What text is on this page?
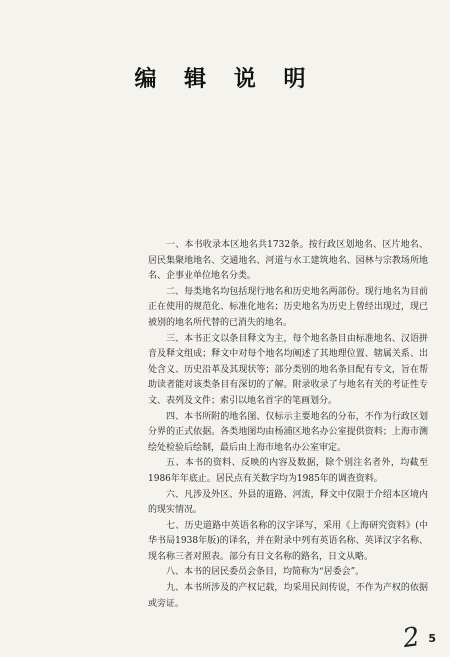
编 辑 说 明

一、本书收录本区地名共1732条。按行政区划地名、区片地名、居民集聚地地名、交通地名、河道与水工建筑地名、园林与宗教场所地名、企事业单位地名分类。

二、每类地名均包括现行地名和历史地名两部份。现行地名为目前正在使用的规范化、标准化地名；历史地名为历史上曾经出现过，现已被别的地名所代替的已消失的地名。

三、本书正文以条目释文为主，每个地名条目由标准地名、汉语拼音及释文组成；释文中对每个地名均阐述了其地理位置、辖属关系、出处含义、历史沿革及其现状等；部分类别的地名条目配有专文，旨在帮助读者能对该类条目有深切的了解。附录收录了与地名有关的考证性专文、表列及文件；索引以地名首字的笔画划分。

四、本书所附的地名图、仅标示主要地名的分布，不作为行政区划分界的正式依据。各类地图均由杨浦区地名办公室提供资料；上海市测绘处检验后绘制，最后由上海市地名办公室审定。

五、本书的资料、反映的内容及数据，除个别注名者外，均截至1986年年底止。居民点有关数字均为1985年的调查资料。

六、凡涉及外区、外县的道路、河流，释文中仅限于介绍本区境内的现实情况。

七、历史道路中英语名称的汉字译写，采用《上海研究资料》(中华书局1938年版)的译名，并在附录中列有英语名称、英译汉字名称、现名称三者对照表。部分有日文名称的路名，日文从略。

八、本书的居民委员会条目，均简称为“居委会”。

九、本书所涉及的产权记载，均采用民间传说，不作为产权的依据或旁证。

2 5
